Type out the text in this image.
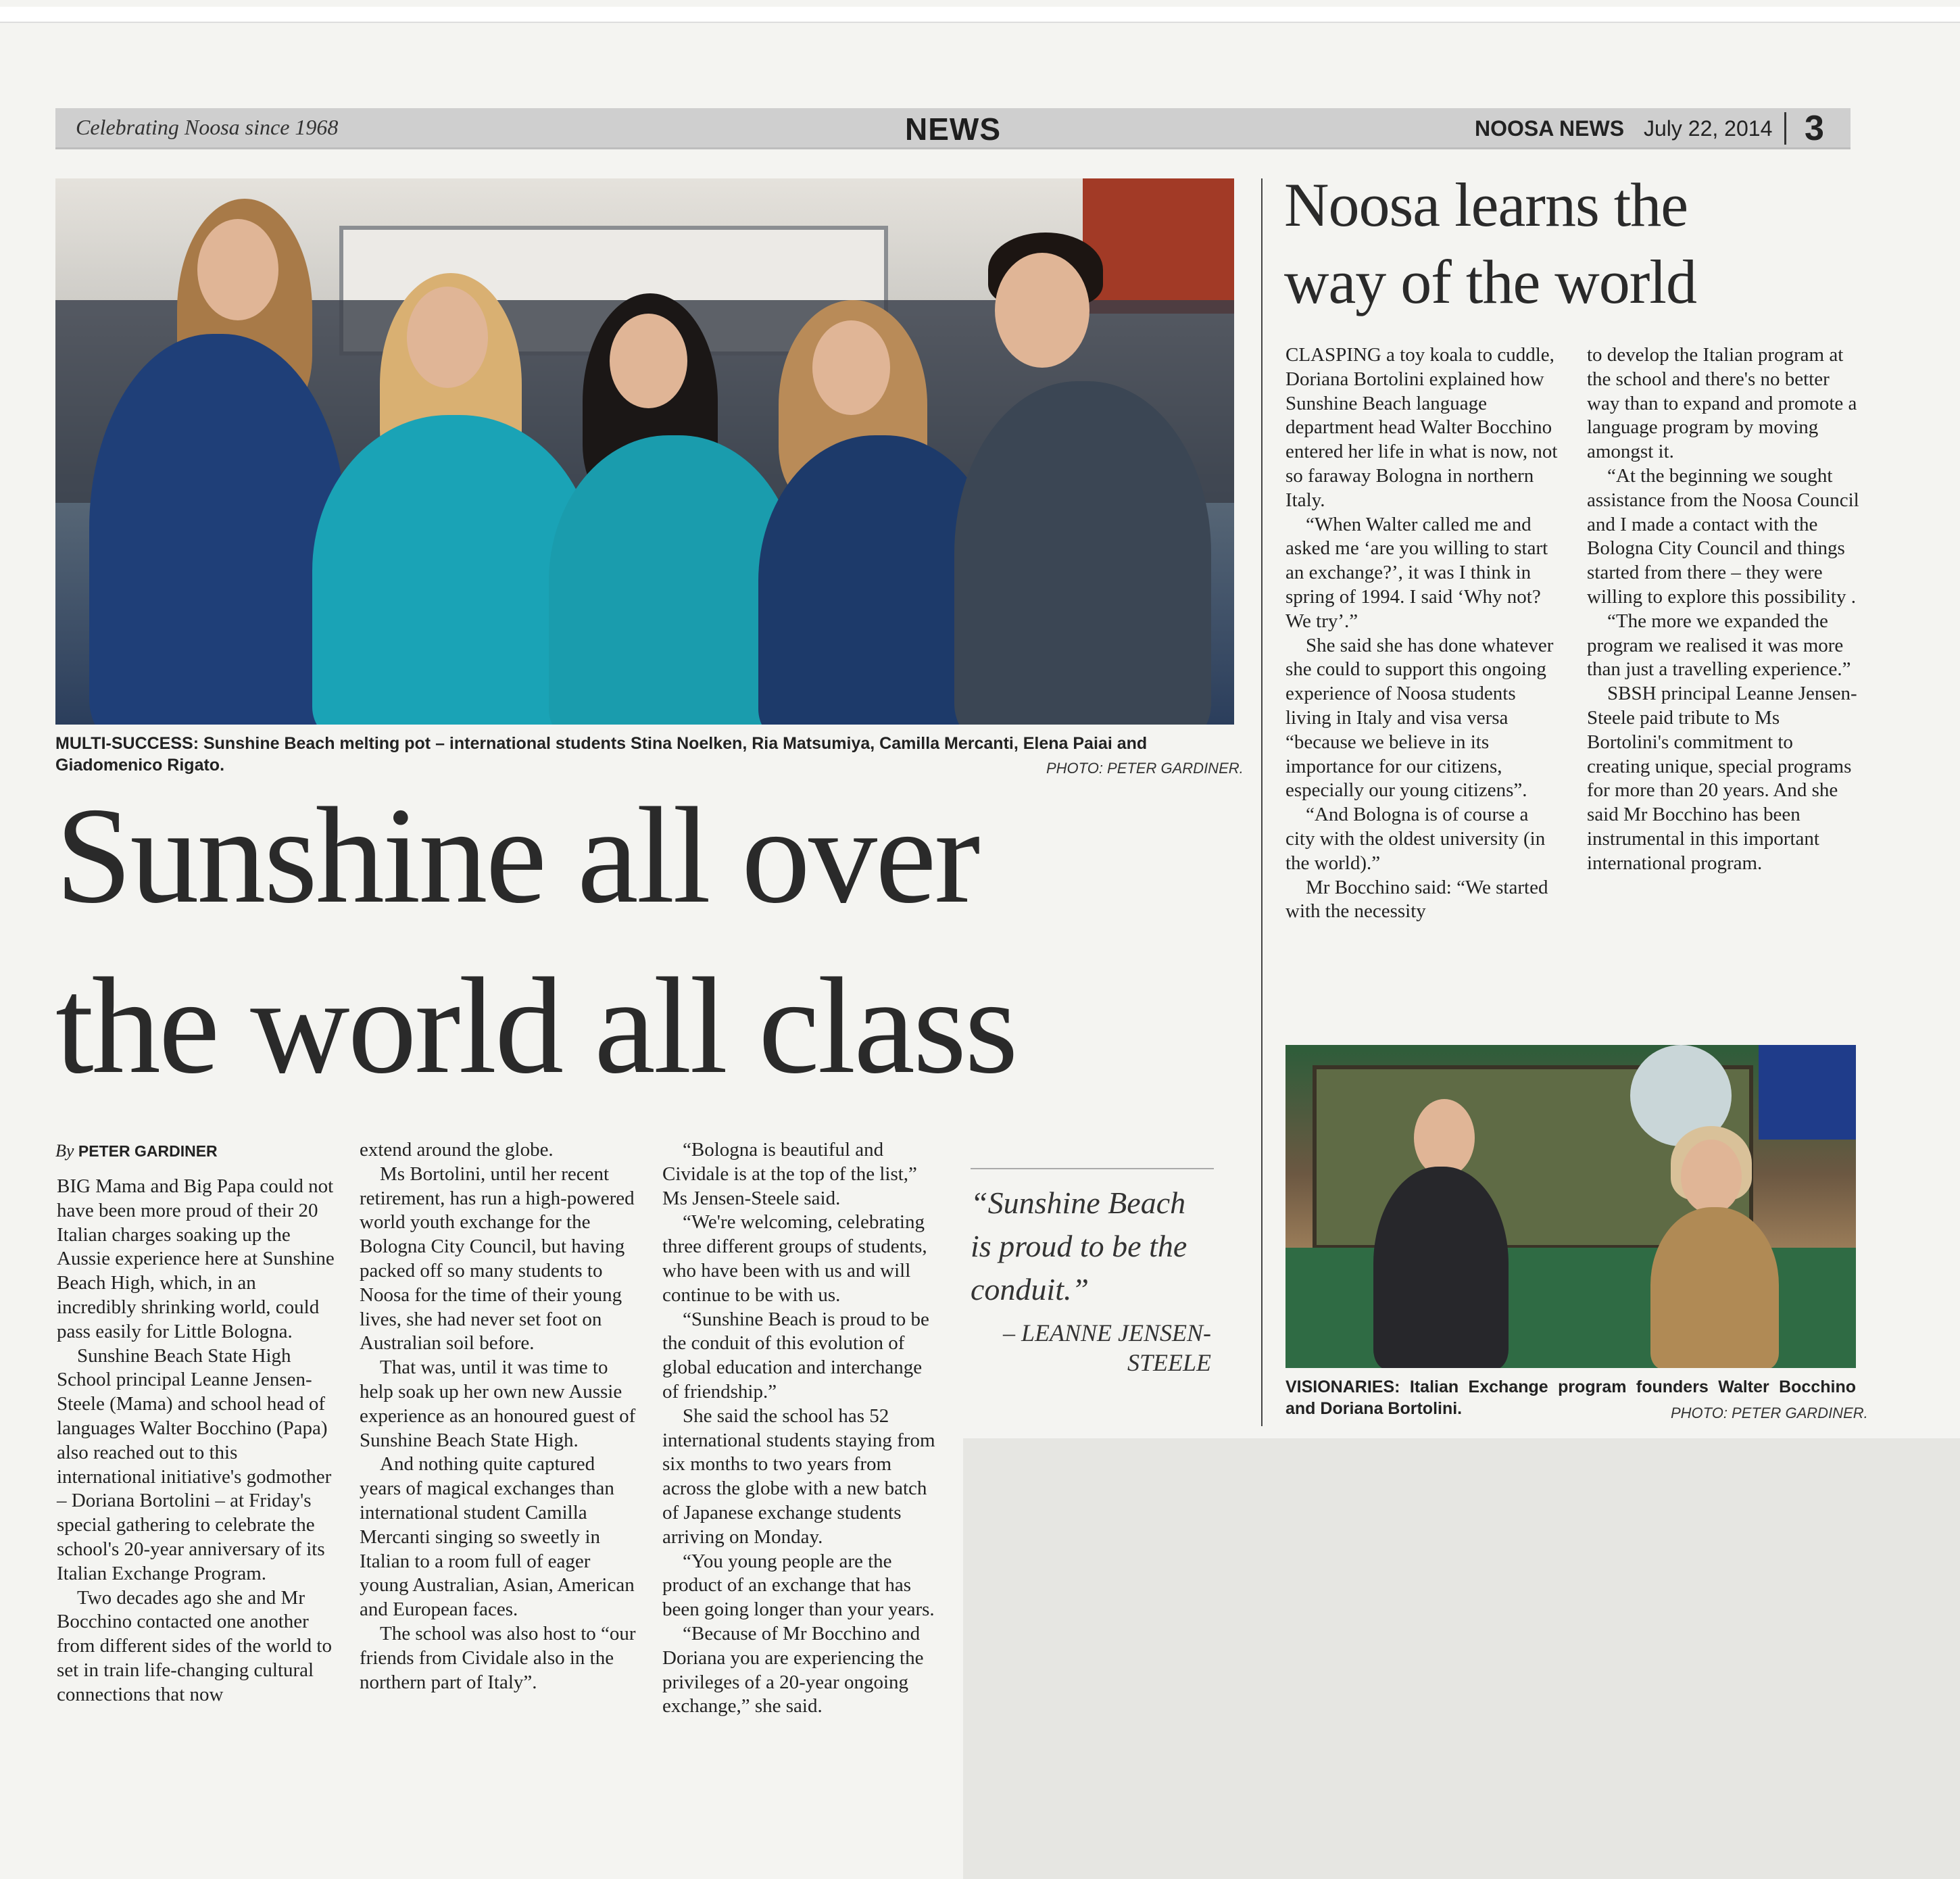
Celebrating Noosa since 1968	NEWS	NOOSA NEWS July 22, 2014 3
MULTI-SUCCESS: Sunshine Beach melting pot – international students Stina Noelken, Ria Matsumiya, Camilla Mercanti, Elena Paiai and Giadomenico Rigato.	PHOTO: PETER GARDINER.
Sunshine all over
the world all class
By PETER GARDINER

BIG Mama and Big Papa could not have been more proud of their 20 Italian charges soaking up the Aussie experience here at Sunshine Beach High, which, in an incredibly shrinking world, could pass easily for Little Bologna.

Sunshine Beach State High School principal Leanne Jensen-Steele (Mama) and school head of languages Walter Bocchino (Papa) also reached out to this international initiative's godmother – Doriana Bortolini – at Friday's special gathering to celebrate the school's 20-year anniversary of its Italian Exchange Program.

Two decades ago she and Mr Bocchino contacted one another from different sides of the world to set in train life-changing cultural connections that now

extend around the globe.

Ms Bortolini, until her recent retirement, has run a high-powered world youth exchange for the Bologna City Council, but having packed off so many students to Noosa for the time of their young lives, she had never set foot on Australian soil before.

That was, until it was time to help soak up her own new Aussie experience as an honoured guest of Sunshine Beach State High.

And nothing quite captured years of magical exchanges than international student Camilla Mercanti singing so sweetly in Italian to a room full of eager young Australian, Asian, American and European faces.

The school was also host to “our friends from Cividale also in the northern part of Italy”.

“Bologna is beautiful and Cividale is at the top of the list,” Ms Jensen-Steele said.

“We're welcoming, celebrating three different groups of students, who have been with us and will continue to be with us.

“Sunshine Beach is proud to be the conduit of this evolution of global education and interchange of friendship.”

She said the school has 52 international students staying from six months to two years from across the globe with a new batch of Japanese exchange students arriving on Monday.

“You young people are the product of an exchange that has been going longer than your years.

“Because of Mr Bocchino and Doriana you are experiencing the privileges of a 20-year ongoing exchange,” she said.

“Sunshine Beach is proud to be the conduit.”
– LEANNE JENSEN-STEELE
Noosa learns the
way of the world

CLASPING a toy koala to cuddle, Doriana Bortolini explained how Sunshine Beach language department head Walter Bocchino entered her life in what is now, not so faraway Bologna in northern Italy.

“When Walter called me and asked me ‘are you willing to start an exchange?’, it was I think in spring of 1994. I said ‘Why not? We try’.”

She said she has done whatever she could to support this ongoing experience of Noosa students living in Italy and visa versa “because we believe in its importance for our citizens, especially our young citizens”.

“And Bologna is of course a city with the oldest university (in the world).”

Mr Bocchino said: “We started with the necessity

to develop the Italian program at the school and there's no better way than to expand and promote a language program by moving amongst it.

“At the beginning we sought assistance from the Noosa Council and I made a contact with the Bologna City Council and things started from there – they were willing to explore this possibility .

“The more we expanded the program we realised it was more than just a travelling experience.”

SBSH principal Leanne Jensen-Steele paid tribute to Ms Bortolini's commitment to creating unique, special programs for more than 20 years. And she said Mr Bocchino has been instrumental in this important international program.

VISIONARIES: Italian Exchange program founders Walter Bocchino and Doriana Bortolini.	PHOTO: PETER GARDINER.
